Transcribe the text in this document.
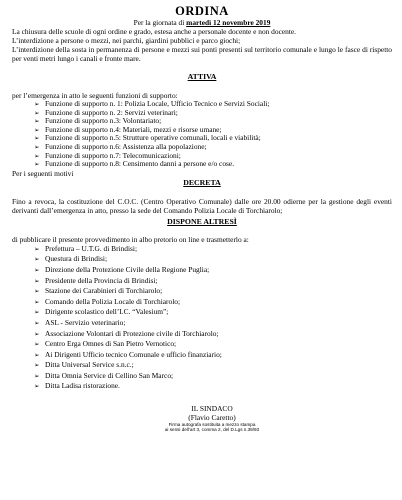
ORDINA
Per la giornata di martedì 12 novembre 2019
La chiusura delle scuole di ogni ordine e grado, estesa anche a personale docente e non docente.
L’interdizione a persone o mezzi, nei parchi, giardini pubblici e parco giochi;
L’interdizione della sosta in permanenza di persone e mezzi sui ponti presenti sul territorio comunale e lungo le fasce di rispetto per venti metri lungo i canali e fronte mare.
ATTIVA
per l’emergenza in atto le seguenti funzioni di supporto:
➢ Funzione di supporto n. 1: Polizia Locale, Ufficio Tecnico e Servizi Sociali;
➢ Funzione di supporto n. 2: Servizi veterinari;
➢ Funzione di supporto n.3: Volontariato;
➢ Funzione di supporto n.4: Materiali, mezzi e risorse umane;
➢ Funzione di supporto n.5: Strutture operative comunali, locali e viabilità;
➢ Funzione di supporto n.6: Assistenza alla popolazione;
➢ Funzione di supporto n.7: Telecomunicazioni;
➢ Funzione di supporto n.8: Censimento danni a persone e/o cose.
Per i seguenti motivi
DECRETA
Fino a revoca, la costituzione del C.O.C. (Centro Operativo Comunale) dalle ore 20.00 odierne per la gestione degli eventi derivanti dall’emergenza in atto, presso la sede del Comando Polizia Locale di Torchiarolo;
DISPONE ALTRESÌ
di pubblicare il presente provvedimento in albo pretorio on line e trasmetterlo a:
➢ Prefettura – U.T.G. di Brindisi;
➢ Questura di Brindisi;
➢ Direzione della Protezione Civile della Regione Puglia;
➢ Presidente della Provincia di Brindisi;
➢ Stazione dei Carabinieri di Torchiarolo;
➢ Comando della Polizia Locale di Torchiarolo;
➢ Dirigente scolastico dell’I.C. “Valesium”;
➢ ASL - Servizio veterinario;
➢ Associazione Volontari di Protezione civile di Torchiarolo;
➢ Centro Erga Omnes di San Pietro Vernotico;
➢ Ai Dirigenti Ufficio tecnico Comunale e ufficio finanziario;
➢ Ditta Universal Service s.n.c.;
➢ Ditta Omnia Service di Cellino San Marco;
➢ Ditta Ladisa ristorazione.
IL SINDACO
(Flavio Caretto)
Firma autografa sostituita a mezzo stampa
ai sensi dell’art 3, comma 2, del D.Lgs n.39/93
